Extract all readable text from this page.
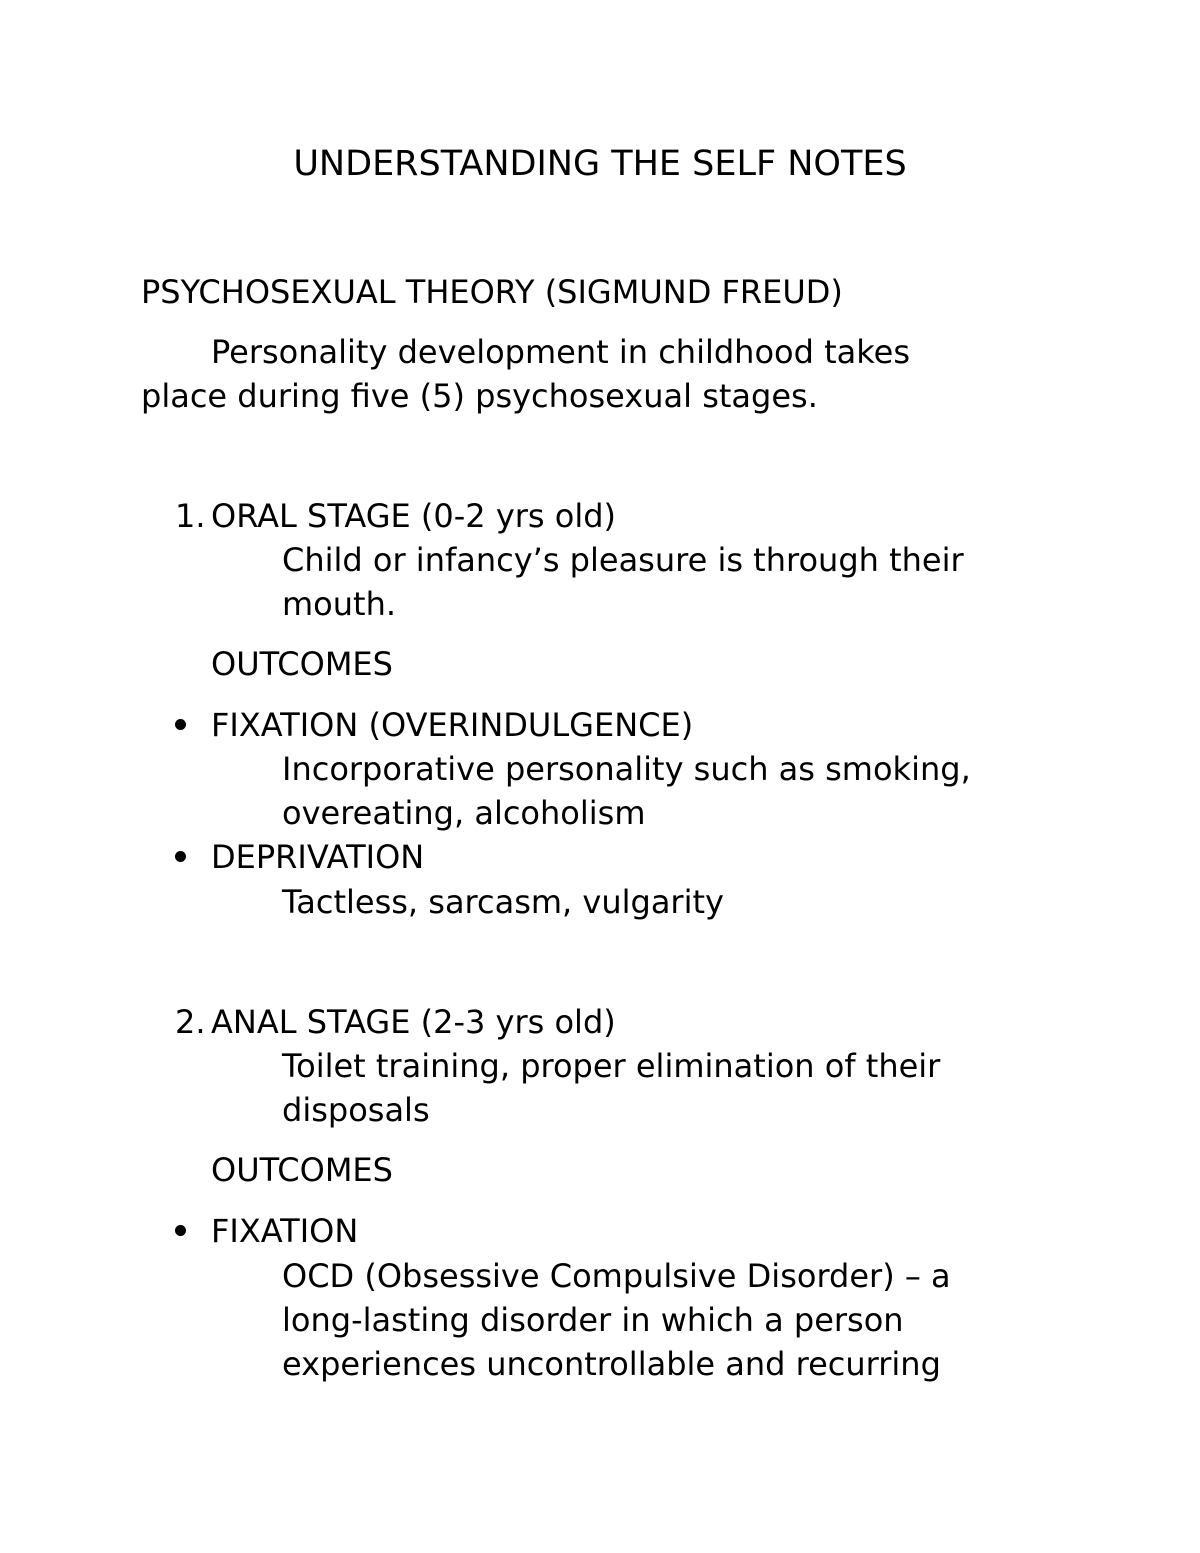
UNDERSTANDING THE SELF NOTES
PSYCHOSEXUAL THEORY (SIGMUND FREUD)
Personality development in childhood takes
place during five (5) psychosexual stages.
1. ORAL STAGE (0-2 yrs old)
Child or infancy’s pleasure is through their
mouth.
OUTCOMES
FIXATION (OVERINDULGENCE)
Incorporative personality such as smoking,
overeating, alcoholism
DEPRIVATION
Tactless, sarcasm, vulgarity
2. ANAL STAGE (2-3 yrs old)
Toilet training, proper elimination of their
disposals
OUTCOMES
FIXATION
OCD (Obsessive Compulsive Disorder) – a
long-lasting disorder in which a person
experiences uncontrollable and recurring
